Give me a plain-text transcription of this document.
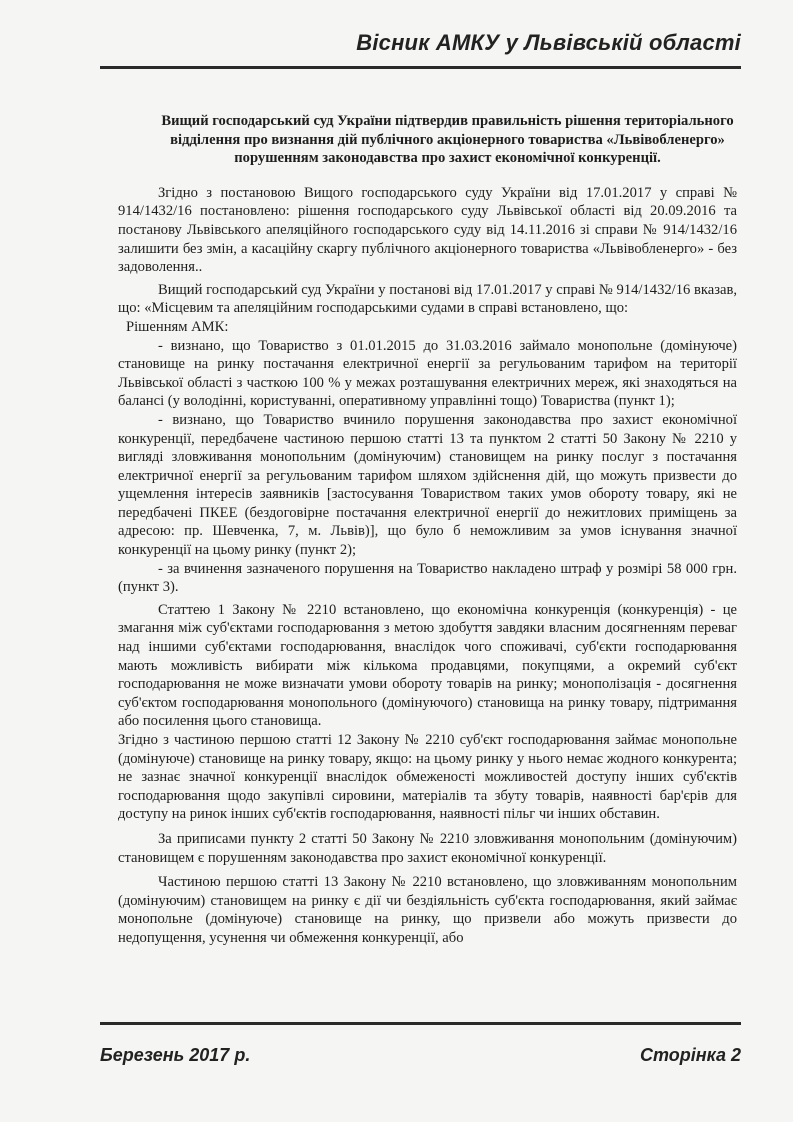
Вісник АМКУ у Львівській області
Вищий господарський суд України підтвердив правильність рішення територіального відділення про визнання дій публічного акціонерного товариства «Львівобленерго» порушенням законодавства про захист економічної конкуренції.

Згідно з постановою Вищого господарського суду України від 17.01.2017 у справі № 914/1432/16 постановлено: рішення господарського суду Львівської області від 20.09.2016 та постанову Львівського апеляційного господарського суду від 14.11.2016 зі справи № 914/1432/16 залишити без змін, а касаційну скаргу публічного акціонерного товариства «Львівобленерго» - без задоволення..

Вищий господарський суд України у постанові від 17.01.2017 у справі № 914/1432/16 вказав, що: «Місцевим та апеляційним господарськими судами в справі встановлено, що:

Рішенням АМК:

- визнано, що Товариство з 01.01.2015 до 31.03.2016 займало монопольне (домінуюче) становище на ринку постачання електричної енергії за регульованим тарифом на території Львівської області з часткою 100 % у межах розташування електричних мереж, які знаходяться на балансі (у володінні, користуванні, оперативному управлінні тощо) Товариства (пункт 1);

- визнано, що Товариство вчинило порушення законодавства про захист економічної конкуренції, передбачене частиною першою статті 13 та пунктом 2 статті 50 Закону № 2210 у вигляді зловживання монопольним (домінуючим) становищем на ринку послуг з постачання електричної енергії за регульованим тарифом шляхом здійснення дій, що можуть призвести до ущемлення інтересів заявників [застосування Товариством таких умов обороту товару, які не передбачені ПКЕЕ (бездоговірне постачання електричної енергії до нежитлових приміщень за адресою: пр. Шевченка, 7, м. Львів)], що було б неможливим за умов існування значної конкуренції на цьому ринку (пункт 2);

- за вчинення зазначеного порушення на Товариство накладено штраф у розмірі 58 000 грн. (пункт 3).

Статтею 1 Закону № 2210 встановлено, що економічна конкуренція (конкуренція) - це змагання між суб'єктами господарювання з метою здобуття завдяки власним досягненням переваг над іншими суб'єктами господарювання, внаслідок чого споживачі, суб'єкти господарювання мають можливість вибирати між кількома продавцями, покупцями, а окремий суб'єкт господарювання не може визначати умови обороту товарів на ринку; монополізація - досягнення суб'єктом господарювання монопольного (домінуючого) становища на ринку товару, підтримання або посилення цього становища.

Згідно з частиною першою статті 12 Закону № 2210 суб'єкт господарювання займає монопольне (домінуюче) становище на ринку товару, якщо: на цьому ринку у нього немає жодного конкурента; не зазнає значної конкуренції внаслідок обмеженості можливостей доступу інших суб'єктів господарювання щодо закупівлі сировини, матеріалів та збуту товарів, наявності бар'єрів для доступу на ринок інших суб'єктів господарювання, наявності пільг чи інших обставин.

За приписами пункту 2 статті 50 Закону № 2210 зловживання монопольним (домінуючим) становищем є порушенням законодавства про захист економічної конкуренції.

Частиною першою статті 13 Закону № 2210 встановлено, що зловживанням монопольним (домінуючим) становищем на ринку є дії чи бездіяльність суб'єкта господарювання, який займає монопольне (домінуюче) становище на ринку, що призвели або можуть призвести до недопущення, усунення чи обмеження конкуренції, або

Березень 2017 р.	Сторінка 2
